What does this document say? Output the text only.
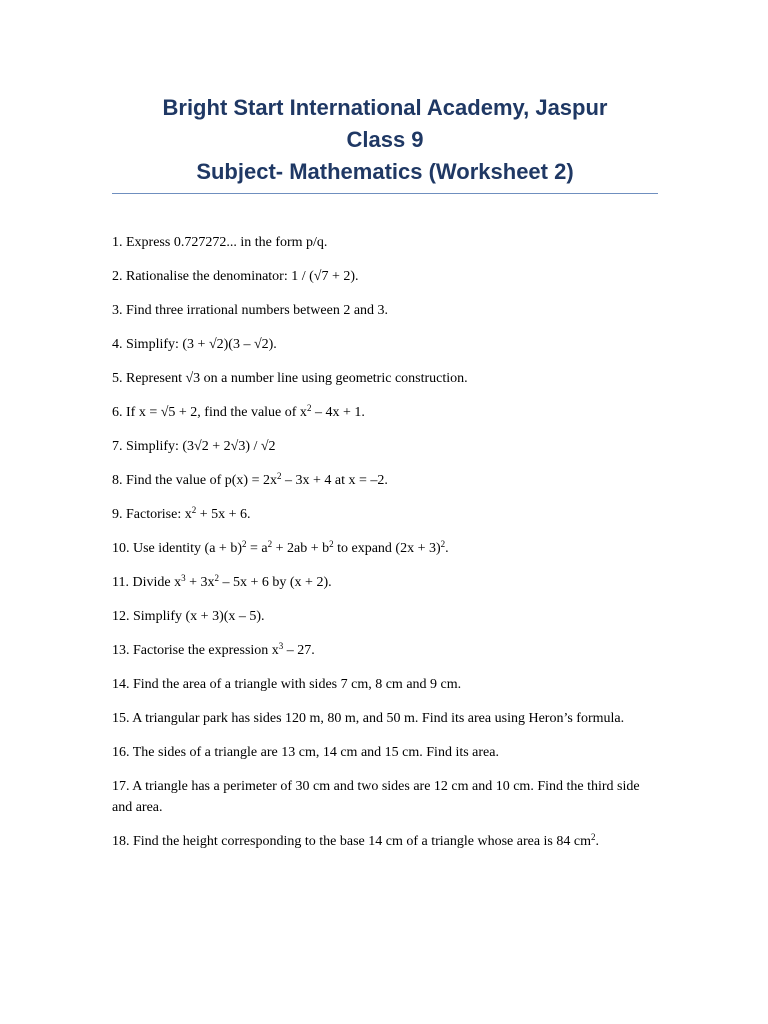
Bright Start International Academy, Jaspur
Class 9
Subject- Mathematics (Worksheet 2)
1. Express 0.727272... in the form p/q.
2. Rationalise the denominator: 1 / (√7 + 2).
3. Find three irrational numbers between 2 and 3.
4. Simplify: (3 + √2)(3 – √2).
5. Represent √3 on a number line using geometric construction.
6. If x = √5 + 2, find the value of $x^2 - 4x + 1$.
7. Simplify: (3√2 + 2√3) / √2
8. Find the value of $p(x) = 2x^2 - 3x + 4$ at x = –2.
9. Factorise: $x^2 + 5x + 6$.
10. Use identity $(a + b)^2 = a^2 + 2ab + b^2$ to expand $(2x + 3)^2$.
11. Divide $x^3 + 3x^2 - 5x + 6$ by (x + 2).
12. Simplify (x + 3)(x – 5).
13. Factorise the expression $x^3 - 27$.
14. Find the area of a triangle with sides 7 cm, 8 cm and 9 cm.
15. A triangular park has sides 120 m, 80 m, and 50 m. Find its area using Heron’s formula.
16. The sides of a triangle are 13 cm, 14 cm and 15 cm. Find its area.
17. A triangle has a perimeter of 30 cm and two sides are 12 cm and 10 cm. Find the third side and area.
18. Find the height corresponding to the base 14 cm of a triangle whose area is 84 $cm^2$.
